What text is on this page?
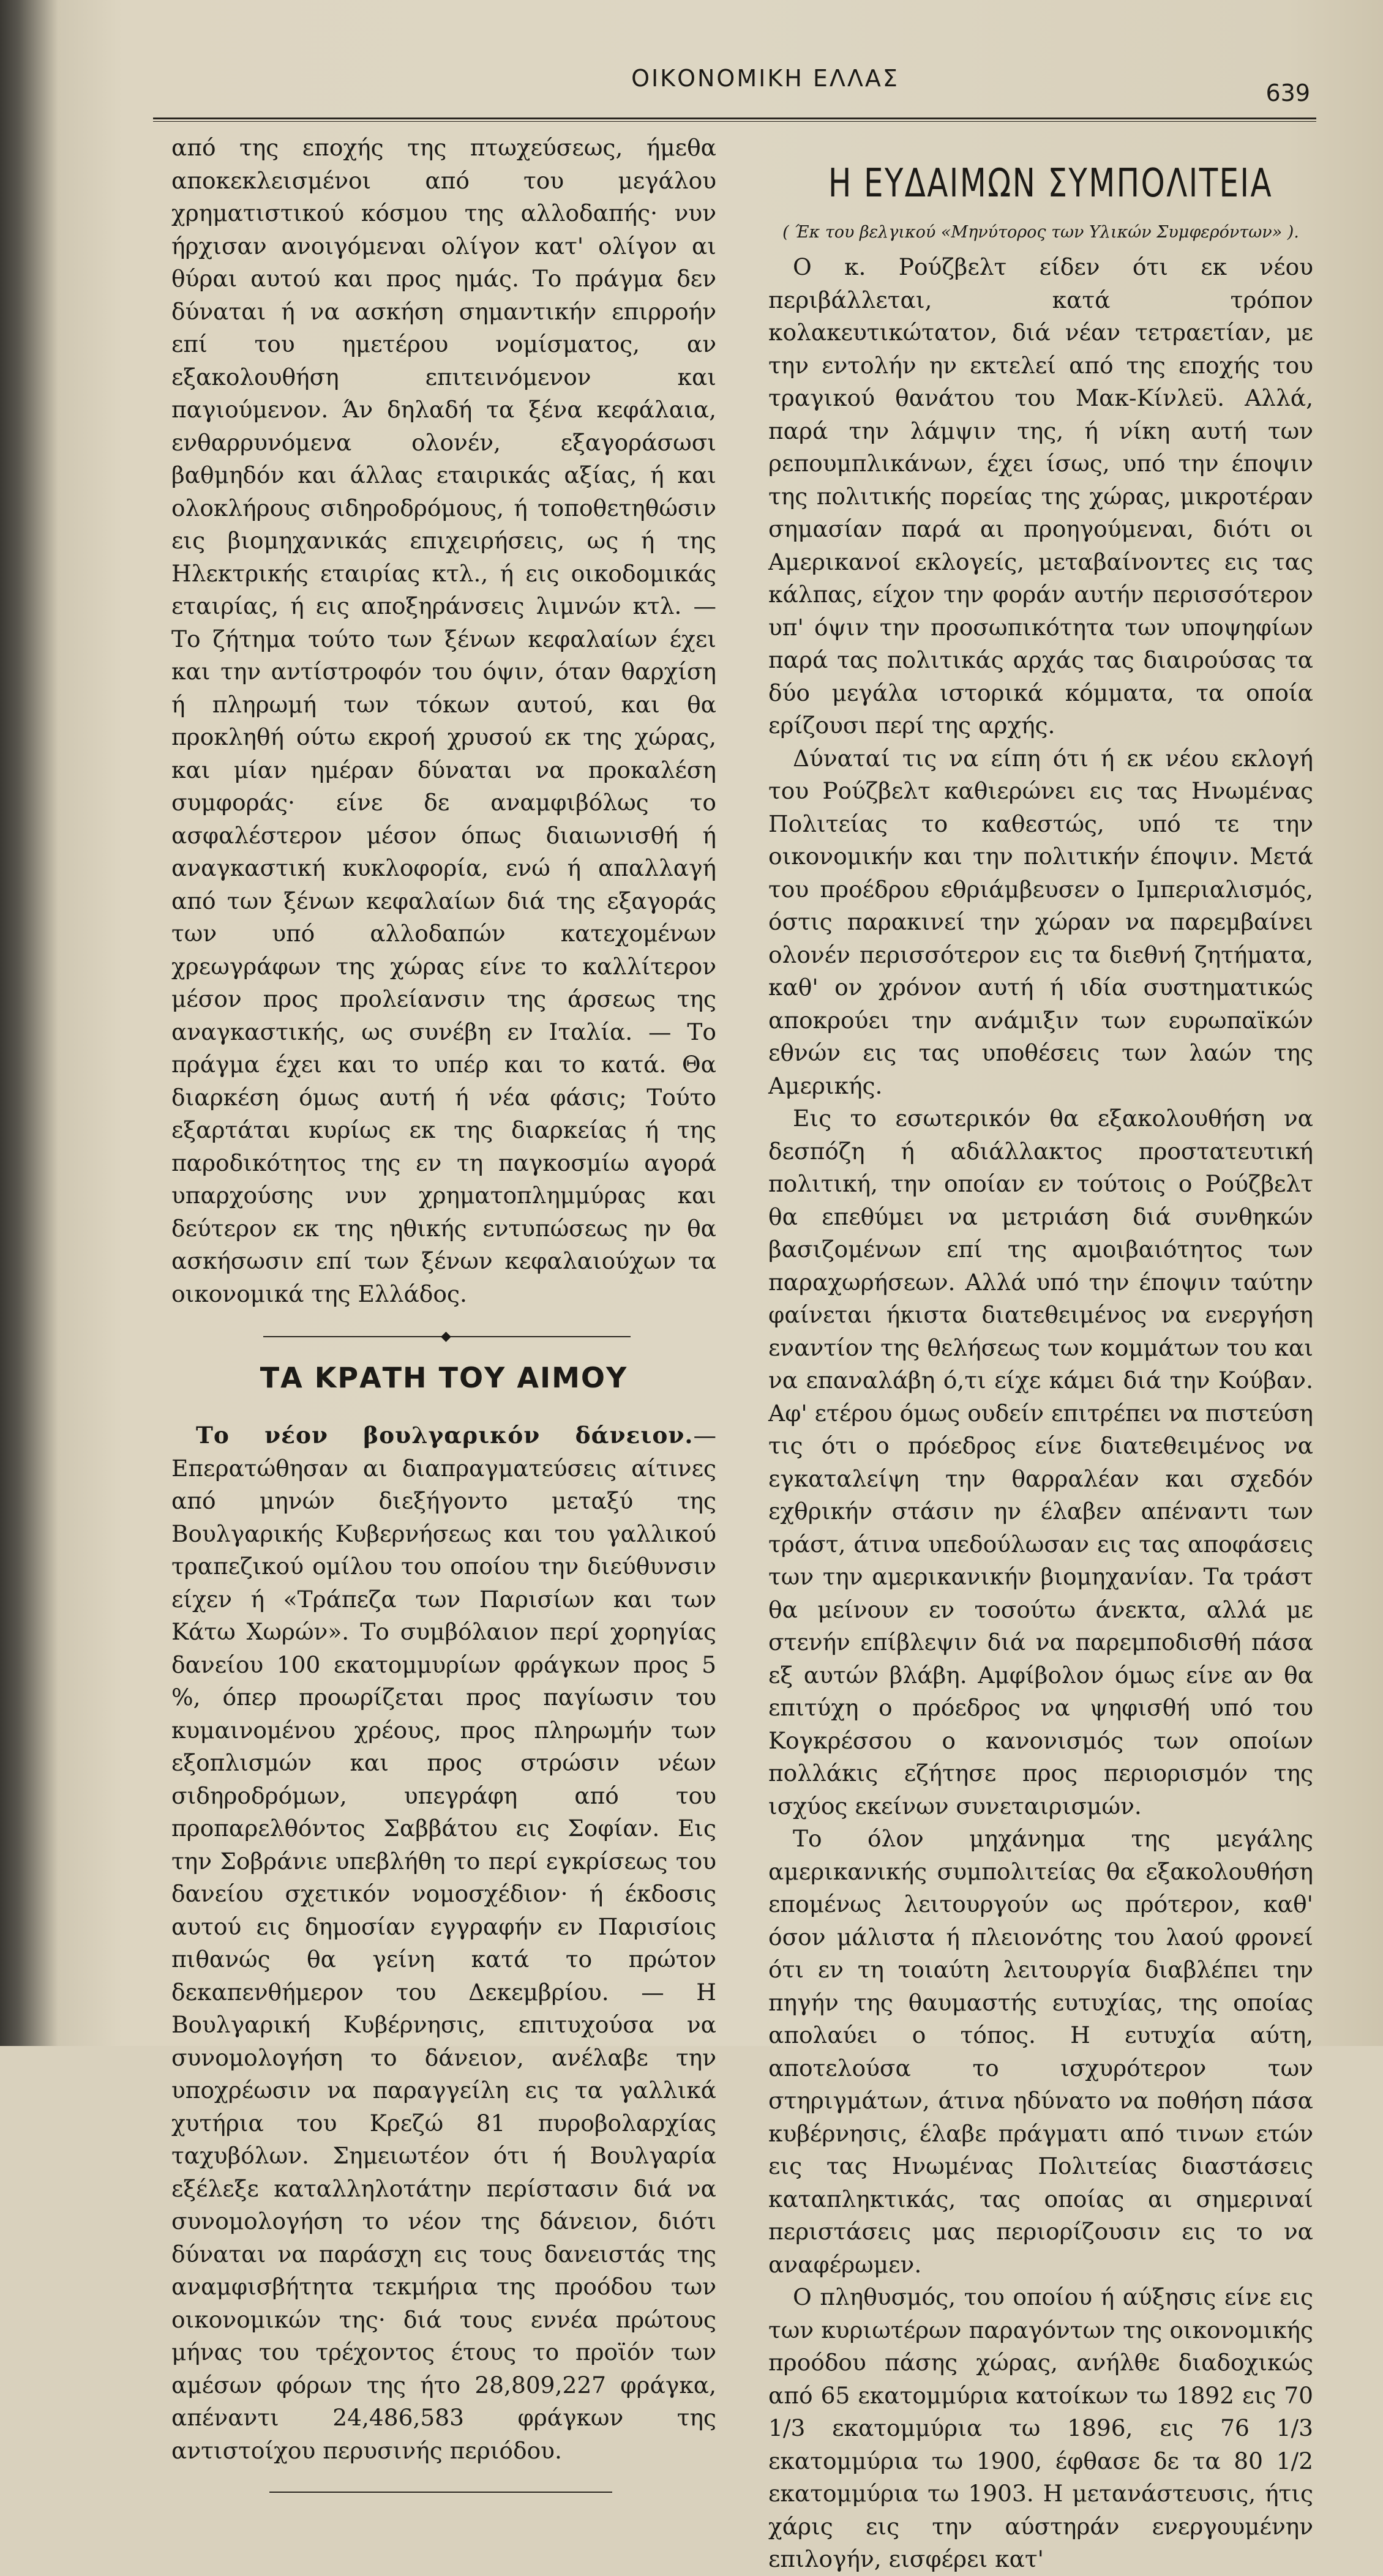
ΟΙΚΟΝΟΜΙΚΗ ΕΛΛΑΣ
639

από της εποχής της πτωχεύσεως, ήμεθα αποκεκλεισμένοι από του μεγάλου χρηματιστικού κόσμου της αλλοδαπής· νυν ήρχισαν ανοιγόμεναι ολίγον κατ' ολίγον αι θύραι αυτού και προς ημάς. Το πράγμα δεν δύναται ή να ασκήση σημαντικήν επιρροήν επί του ημετέρου νομίσματος, αν εξακολουθήση επιτεινόμενον και παγιούμενον. Άν δηλαδή τα ξένα κεφάλαια, ενθαρρυνόμενα ολονέν, εξαγοράσωσι βαθμηδόν και άλλας εταιρικάς αξίας, ή και ολοκλήρους σιδηροδρόμους, ή τοποθετηθώσιν εις βιομηχανικάς επιχειρήσεις, ως ή της Ηλεκτρικής εταιρίας κτλ., ή εις οικοδομικάς εταιρίας, ή εις αποξηράνσεις λιμνών κτλ. —Το ζήτημα τούτο των ξένων κεφαλαίων έχει και την αντίστροφόν του όψιν, όταν θαρχίση ή πληρωμή των τόκων αυτού, και θα προκληθή ούτω εκροή χρυσού εκ της χώρας, και μίαν ημέραν δύναται να προκαλέση συμφοράς· είνε δε αναμφιβόλως το ασφαλέστερον μέσον όπως διαιωνισθή ή αναγκαστική κυκλοφορία, ενώ ή απαλλαγή από των ξένων κεφαλαίων διά της εξαγοράς των υπό αλλοδαπών κατεχομένων χρεωγράφων της χώρας είνε το καλλίτερον μέσον προς προλείανσιν της άρσεως της αναγκαστικής, ως συνέβη εν Ιταλία. — Το πράγμα έχει και το υπέρ και το κατά. Θα διαρκέση όμως αυτή ή νέα φάσις; Τούτο εξαρτάται κυρίως εκ της διαρκείας ή της παροδικότητος της εν τη παγκοσμίω αγορά υπαρχούσης νυν χρηματοπλημμύρας και δεύτερον εκ της ηθικής εντυπώσεως ην θα ασκήσωσιν επί των ξένων κεφαλαιούχων τα οικονομικά της Ελλάδος.

◆
ΤΑ ΚΡΑΤΗ ΤΟΥ ΑΙΜΟΥ

Το νέον βουλγαρικόν δάνειον.— Επερατώθησαν αι διαπραγματεύσεις αίτινες από μηνών διεξήγοντο μεταξύ της Βουλγαρικής Κυβερνήσεως και του γαλλικού τραπεζικού ομίλου του οποίου την διεύθυνσιν είχεν ή «Τράπεζα των Παρισίων και των Κάτω Χωρών». Το συμβόλαιον περί χορηγίας δανείου 100 εκατομμυρίων φράγκων προς 5 %, όπερ προωρίζεται προς παγίωσιν του κυμαινομένου χρέους, προς πληρωμήν των εξοπλισμών και προς στρώσιν νέων σιδηροδρόμων, υπεγράφη από του προπαρελθόντος Σαββάτου εις Σοφίαν. Εις την Σοβράνιε υπεβλήθη το περί εγκρίσεως του δανείου σχετικόν νομοσχέδιον· ή έκδοσις αυτού εις δημοσίαν εγγραφήν εν Παρισίοις πιθανώς θα γείνη κατά το πρώτον δεκαπενθήμερον του Δεκεμβρίου. — Η Βουλγαρική Κυβέρνησις, επιτυχούσα να συνομολογήση το δάνειον, ανέλαβε την υποχρέωσιν να παραγγείλη εις τα γαλλικά χυτήρια του Κρεζώ 81 πυροβολαρχίας ταχυβόλων. Σημειωτέον ότι ή Βουλγαρία εξέλεξε καταλληλοτάτην περίστασιν διά να συνομολογήση το νέον της δάνειον, διότι δύναται να παράσχη εις τους δανειστάς της αναμφισβήτητα τεκμήρια της προόδου των οικονομικών της· διά τους εννέα πρώτους μήνας του τρέχοντος έτους το προϊόν των αμέσων φόρων της ήτο 28,809,227 φράγκα, απέναντι 24,486,583 φράγκων της αντιστοίχου περυσινής περιόδου.

Η ΕΥΔΑΙΜΩΝ ΣΥΜΠΟΛΙΤΕΙΑ
( Έκ του βελγικού «Μηνύτορος των Υλικών Συμφερόντων» ).

Ο κ. Ρούζβελτ είδεν ότι εκ νέου περιβάλλεται, κατά τρόπον κολακευτικώτατον, διά νέαν τετραετίαν, με την εντολήν ην εκτελεί από της εποχής του τραγικού θανάτου του Μακ-Κίνλεϋ. Αλλά, παρά την λάμψιν της, ή νίκη αυτή των ρεπουμπλικάνων, έχει ίσως, υπό την έποψιν της πολιτικής πορείας της χώρας, μικροτέραν σημασίαν παρά αι προηγούμεναι, διότι οι Αμερικανοί εκλογείς, μεταβαίνοντες εις τας κάλπας, είχον την φοράν αυτήν περισσότερον υπ' όψιν την προσωπικότητα των υποψηφίων παρά τας πολιτικάς αρχάς τας διαιρούσας τα δύο μεγάλα ιστορικά κόμματα, τα οποία ερίζουσι περί της αρχής.

Δύναταί τις να είπη ότι ή εκ νέου εκλογή του Ρούζβελτ καθιερώνει εις τας Ηνωμένας Πολιτείας το καθεστώς, υπό τε την οικονομικήν και την πολιτικήν έποψιν. Μετά του προέδρου εθριάμβευσεν ο Ιμπεριαλισμός, όστις παρακινεί την χώραν να παρεμβαίνει ολονέν περισσότερον εις τα διεθνή ζητήματα, καθ' ον χρόνον αυτή ή ιδία συστηματικώς αποκρούει την ανάμιξιν των ευρωπαϊκών εθνών εις τας υποθέσεις των λαών της Αμερικής.

Εις το εσωτερικόν θα εξακολουθήση να δεσπόζη ή αδιάλλακτος προστατευτική πολιτική, την οποίαν εν τούτοις ο Ρούζβελτ θα επεθύμει να μετριάση διά συνθηκών βασιζομένων επί της αμοιβαιότητος των παραχωρήσεων. Αλλά υπό την έποψιν ταύτην φαίνεται ήκιστα διατεθειμένος να ενεργήση εναντίον της θελήσεως των κομμάτων του και να επαναλάβη ό,τι είχε κάμει διά την Κούβαν. Αφ' ετέρου όμως ουδείν επιτρέπει να πιστεύση τις ότι ο πρόεδρος είνε διατεθειμένος να εγκαταλείψη την θαρραλέαν και σχεδόν εχθρικήν στάσιν ην έλαβεν απέναντι των τράστ, άτινα υπεδούλωσαν εις τας αποφάσεις των την αμερικανικήν βιομηχανίαν. Τα τράστ θα μείνουν εν τοσούτω άνεκτα, αλλά με στενήν επίβλεψιν διά να παρεμποδισθή πάσα εξ αυτών βλάβη. Αμφίβολον όμως είνε αν θα επιτύχη ο πρόεδρος να ψηφισθή υπό του Κογκρέσσου ο κανονισμός των οποίων πολλάκις εζήτησε προς περιορισμόν της ισχύος εκείνων συνεταιρισμών.

Το όλον μηχάνημα της μεγάλης αμερικανικής συμπολιτείας θα εξακολουθήση επομένως λειτουργούν ως πρότερον, καθ' όσον μάλιστα ή πλειονότης του λαού φρονεί ότι εν τη τοιαύτη λειτουργία διαβλέπει την πηγήν της θαυμαστής ευτυχίας, της οποίας απολαύει ο τόπος. Η ευτυχία αύτη, αποτελούσα το ισχυρότερον των στηριγμάτων, άτινα ηδύνατο να ποθήση πάσα κυβέρνησις, έλαβε πράγματι από τινων ετών εις τας Ηνωμένας Πολιτείας διαστάσεις καταπληκτικάς, τας οποίας αι σημεριναί περιστάσεις μας περιορίζουσιν εις το να αναφέρωμεν.

Ο πληθυσμός, του οποίου ή αύξησις είνε εις των κυριωτέρων παραγόντων της οικονομικής προόδου πάσης χώρας, ανήλθε διαδοχικώς από 65 εκατομμύρια κατοίκων τω 1892 εις 70 1/3 εκατομμύρια τω 1896, εις 76 1/3 εκατομμύρια τω 1900, έφθασε δε τα 80 1/2 εκατομμύρια τω 1903. Η μετανάστευσις, ήτις χάρις εις την αύστηράν ενεργουμένην επιλογήν, εισφέρει κατ'
